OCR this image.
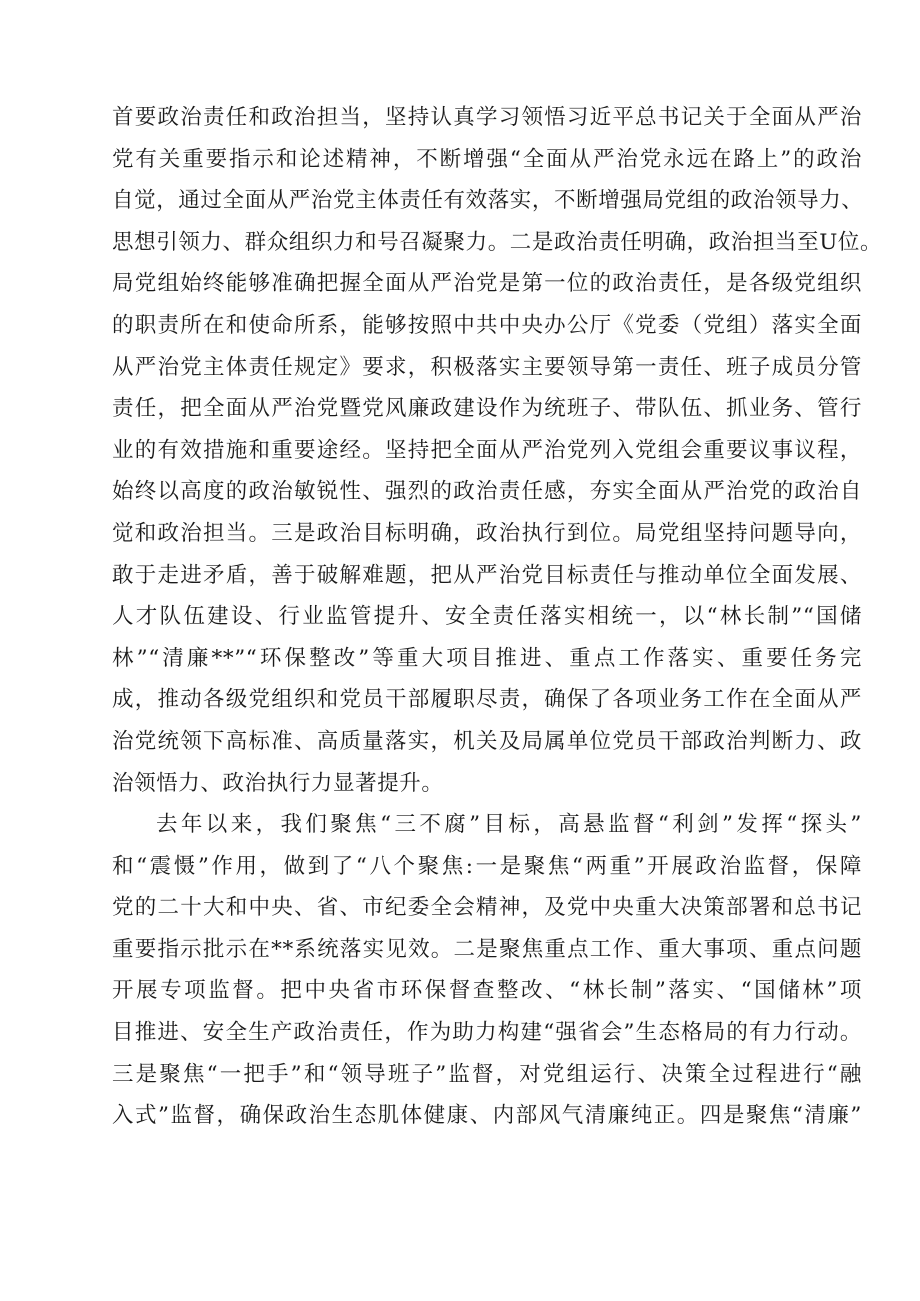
首要政治责任和政治担当，坚持认真学习领悟习近平总书记关于全面从严治
党有关重要指示和论述精神，不断增强“全面从严治党永远在路上”的政治
自觉，通过全面从严治党主体责任有效落实，不断增强局党组的政治领导力、
思想引领力、群众组织力和号召凝聚力。二是政治责任明确，政治担当至U位。
局党组始终能够准确把握全面从严治党是第一位的政治责任，是各级党组织
的职责所在和使命所系，能够按照中共中央办公厅《党委（党组）落实全面
从严治党主体责任规定》要求，积极落实主要领导第一责任、班子成员分管
责任，把全面从严治党暨党风廉政建设作为统班子、带队伍、抓业务、管行
业的有效措施和重要途经。坚持把全面从严治党列入党组会重要议事议程，
始终以高度的政治敏锐性、强烈的政治责任感，夯实全面从严治党的政治自
觉和政治担当。三是政治目标明确，政治执行到位。局党组坚持问题导向，
敢于走进矛盾，善于破解难题，把从严治党目标责任与推动单位全面发展、
人才队伍建设、行业监管提升、安全责任落实相统一，以“林长制”“国储
林”“清廉**”“环保整改”等重大项目推进、重点工作落实、重要任务完
成，推动各级党组织和党员干部履职尽责，确保了各项业务工作在全面从严
治党统领下高标准、高质量落实，机关及局属单位党员干部政治判断力、政
治领悟力、政治执行力显著提升。
去年以来，我们聚焦“三不腐”目标，高悬监督“利剑”发挥“探头”
和“震慑”作用，做到了“八个聚焦:一是聚焦“两重”开展政治监督，保障
党的二十大和中央、省、市纪委全会精神，及党中央重大决策部署和总书记
重要指示批示在**系统落实见效。二是聚焦重点工作、重大事项、重点问题
开展专项监督。把中央省市环保督查整改、“林长制”落实、“国储林”项
目推进、安全生产政治责任，作为助力构建“强省会”生态格局的有力行动。
三是聚焦“一把手”和“领导班子”监督，对党组运行、决策全过程进行“融
入式”监督，确保政治生态肌体健康、内部风气清廉纯正。四是聚焦“清廉”
